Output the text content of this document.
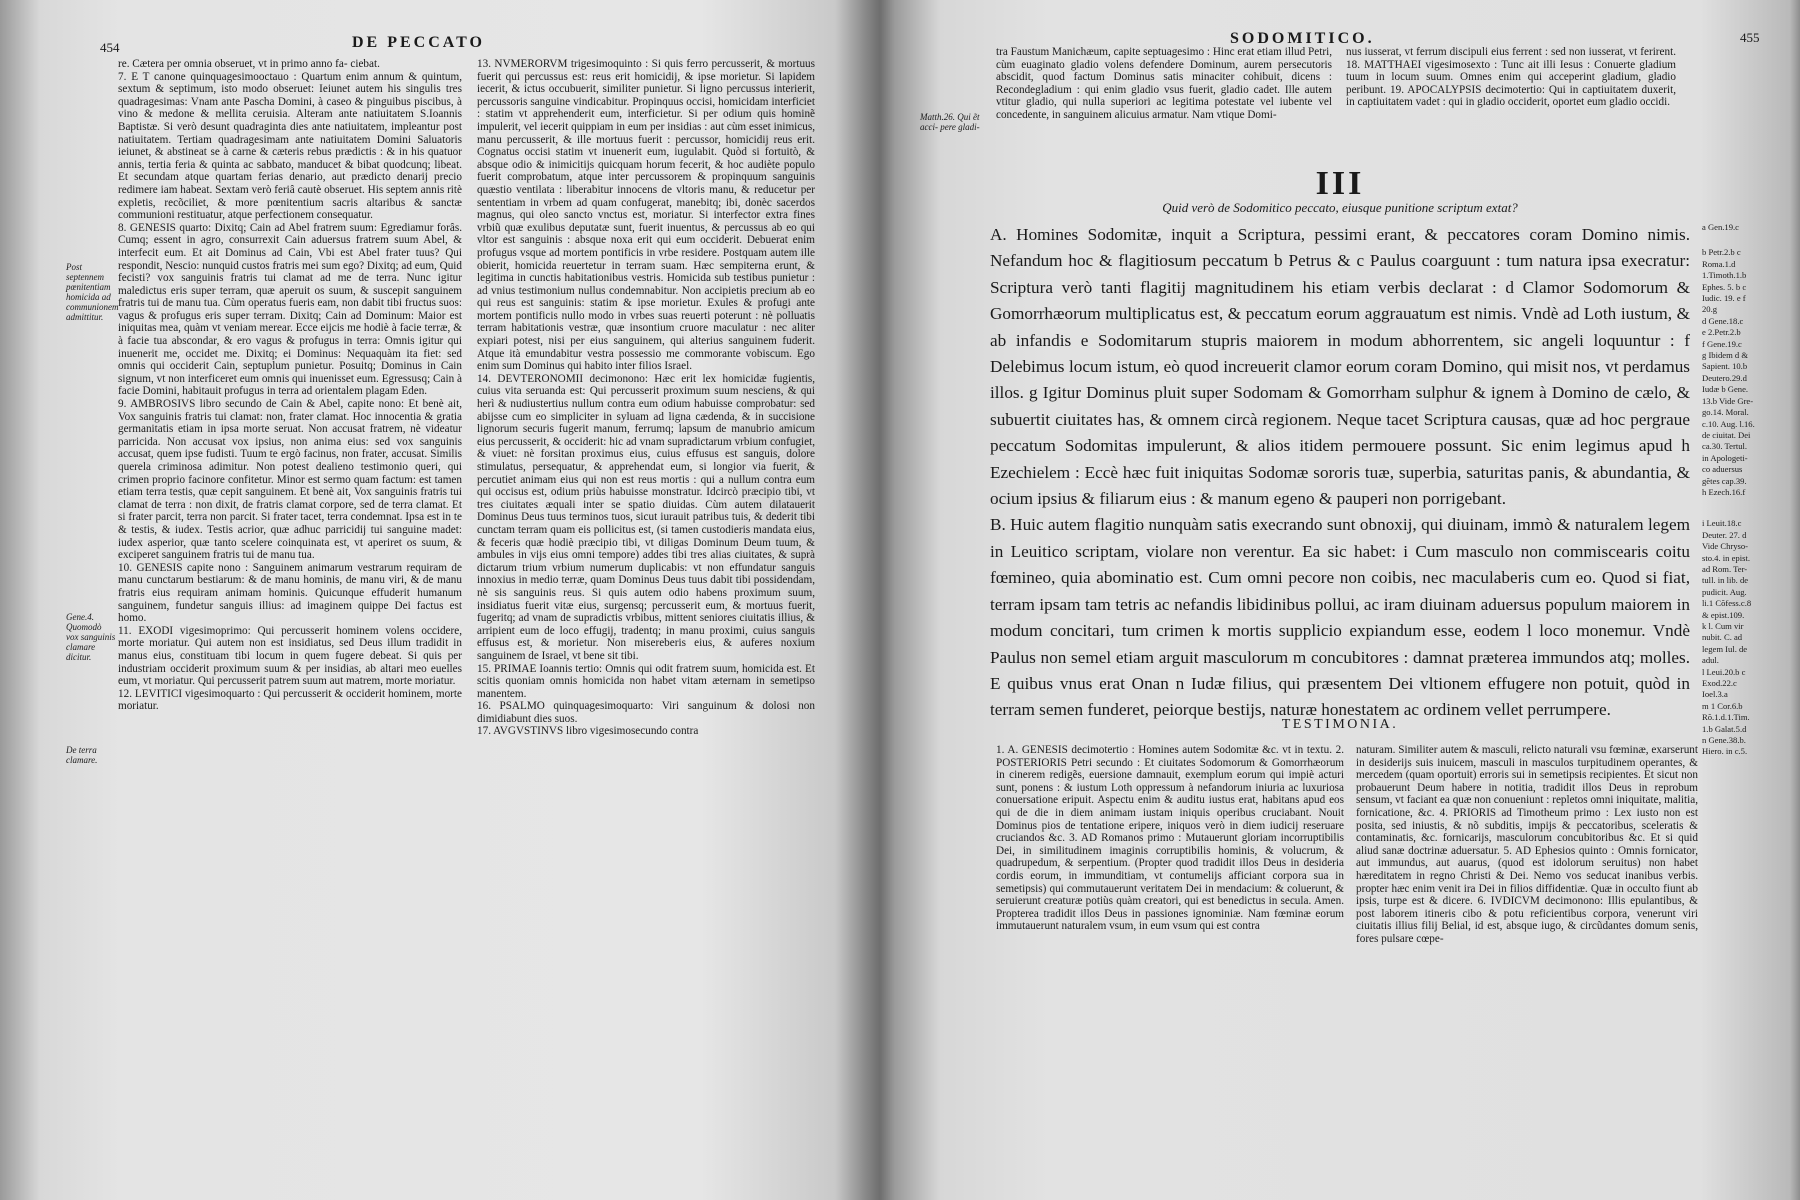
454	DE PECCATO

re. Cætera per omnia obseruet, vt in primo anno fa- ciebat.

7. E T canone quinquagesimooctauo : Quartum enim annum & quintum, sextum & septimum, isto modo obseruet: Ieiunet autem his singulis tres quadragesimas: Vnam ante Pascha Domini, à caseo & pinguibus piscibus, à vino & medone & mellita ceruisia. Alteram ante natiuitatem S.Ioannis Baptistæ. Si verò desunt quadraginta dies ante natiuitatem, impleantur post natiuitatem. Tertiam quadragesimam ante natiuitatem Domini Saluatoris ieiunet, & abstineat se à carne & cæteris rebus prædictis : & in his quatuor annis, tertia feria & quinta ac sabbato, manducet & bibat quodcunq; libeat. Et secundam atque quartam ferias denario, aut prædicto denarij precio redimere iam habeat. Sextam verò feriâ cautè obseruet. His septem annis ritè expletis, recõciliet, & more pœnitentium sacris altaribus & sanctæ communioni restituatur, atque perfectionem consequatur.

8. GENESIS quarto: Dixitq; Cain ad Abel fratrem suum: Egrediamur forâs. Cumq; essent in agro, consurrexit Cain aduersus fratrem suum Abel, & interfecit eum. Et ait Dominus ad Cain, Vbi est Abel frater tuus? Qui respondit, Nescio: nunquid custos fratris mei sum ego? Dixitq; ad eum, Quid fecisti? vox sanguinis fratris tui clamat ad me de terra. Nunc igitur maledictus eris super terram, quæ aperuit os suum, & suscepit sanguinem fratris tui de manu tua. Cùm operatus fueris eam, non dabit tibi fructus suos: vagus & profugus eris super terram. Dixitq; Cain ad Dominum: Maior est iniquitas mea, quàm vt veniam merear. Ecce eijcis me hodiè à facie terræ, & à facie tua abscondar, & ero vagus & profugus in terra: Omnis igitur qui inuenerit me, occidet me. Dixitq; ei Dominus: Nequaquàm ita fiet: sed omnis qui occiderit Cain, septuplum punietur. Posuitq; Dominus in Cain signum, vt non interficeret eum omnis qui inuenisset eum. Egressusq; Cain à facie Domini, habitauit profugus in terra ad orientalem plagam Eden.

9. AMBROSIVS libro secundo de Cain & Abel, capite nono: Et benè ait, Vox sanguinis fratris tui clamat: non, frater clamat. Hoc innocentia & gratia germanitatis etiam in ipsa morte seruat. Non accusat fratrem, nè videatur parricida. Non accusat vox ipsius, non anima eius: sed vox sanguinis accusat, quem ipse fudisti. Tuum te ergò facinus, non frater, accusat. Similis querela criminosa adimitur. Non potest dealieno testimonio queri, qui crimen proprio facinore confitetur. Minor est sermo quam factum: est tamen etiam terra testis, quæ cepit sanguinem. Et benè ait, Vox sanguinis fratris tui clamat de terra : non dixit, de fratris clamat corpore, sed de terra clamat. Et si frater parcit, terra non parcit. Si frater tacet, terra condemnat. Ipsa est in te & testis, & iudex. Testis acrior, quæ adhuc parricidij tui sanguine madet: iudex asperior, quæ tanto scelere coinquinata est, vt aperiret os suum, & exciperet sanguinem fratris tui de manu tua.

10. GENESIS capite nono : Sanguinem animarum vestrarum requiram de manu cunctarum bestiarum: & de manu hominis, de manu viri, & de manu fratris eius requiram animam hominis. Quicunque effuderit humanum sanguinem, fundetur sanguis illius: ad imaginem quippe Dei factus est homo.

11. EXODI vigesimoprimo: Qui percusserit hominem volens occidere, morte moriatur. Qui autem non est insidiatus, sed Deus illum tradidit in manus eius, constituam tibi locum in quem fugere debeat. Si quis per industriam occiderit proximum suum & per insidias, ab altari meo euelles eum, vt moriatur. Qui percusserit patrem suum aut matrem, morte moriatur.

12. LEVITICI vigesimoquarto : Qui percusserit & occiderit hominem, morte moriatur.

13. NVMERORVM trigesimoquinto : Si quis ferro percusserit, & mortuus fuerit qui percussus est: reus erit homicidij, & ipse morietur. Si lapidem iecerit, & ictus occubuerit, similiter punietur. Si ligno percussus interierit, percussoris sanguine vindicabitur. Propinquus occisi, homicidam interficiet : statim vt apprehenderit eum, interficietur. Si per odium quis hominẽ impulerit, vel iecerit quippiam in eum per insidias : aut cùm esset inimicus, manu percusserit, & ille mortuus fuerit : percussor, homicidij reus erit. Cognatus occisi statim vt inuenerit eum, iugulabit. Quòd si fortuitò, & absque odio & inimicitijs quicquam horum fecerit, & hoc audiète populo fuerit comprobatum, atque inter percussorem & propinquum sanguinis quæstio ventilata : liberabitur innocens de vltoris manu, & reducetur per sententiam in vrbem ad quam confugerat, manebitq; ibi, donèc sacerdos magnus, qui oleo sancto vnctus est, moriatur. Si interfector extra fines vrbiũ quæ exulibus deputatæ sunt, fuerit inuentus, & percussus ab eo qui vltor est sanguinis : absque noxa erit qui eum occiderit. Debuerat enim profugus vsque ad mortem pontificis in vrbe residere. Postquam autem ille obierit, homicida reuertetur in terram suam. Hæc sempiterna erunt, & legitima in cunctis habitationibus vestris. Homicida sub testibus punietur : ad vnius testimonium nullus condemnabitur. Non accipietis precium ab eo qui reus est sanguinis: statim & ipse morietur. Exules & profugi ante mortem pontificis nullo modo in vrbes suas reuerti poterunt : nè polluatis terram habitationis vestræ, quæ insontium cruore maculatur : nec aliter expiari potest, nisi per eius sanguinem, qui alterius sanguinem fuderit. Atque ità emundabitur vestra possessio me commorante vobiscum. Ego enim sum Dominus qui habito inter filios Israel.

14. DEVTERONOMII decimonono: Hæc erit lex homicidæ fugientis, cuius vita seruanda est: Qui percusserit proximum suum nesciens, & qui herì & nudiustertius nullum contra eum odium habuisse comprobatur: sed abijsse cum eo simpliciter in syluam ad ligna cædenda, & in succisione lignorum securis fugerit manum, ferrumq; lapsum de manubrio amicum eius percusserit, & occiderit: hic ad vnam supradictarum vrbium confugiet, & viuet: nè forsitan proximus eius, cuius effusus est sanguis, dolore stimulatus, persequatur, & apprehendat eum, si longior via fuerit, & percutiet animam eius qui non est reus mortis : qui a nullum contra eum qui occisus est, odium priùs habuisse monstratur. Idcircò præcipio tibi, vt tres ciuitates æquali inter se spatio diuidas. Cùm autem dilatauerit Dominus Deus tuus terminos tuos, sicut iurauit patribus tuis, & dederit tibi cunctam terram quam eis pollicitus est, (si tamen custodieris mandata eius, & feceris quæ hodiè præcipio tibi, vt diligas Dominum Deum tuum, & ambules in vijs eius omni tempore) addes tibi tres alias ciuitates, & suprà dictarum trium vrbium numerum duplicabis: vt non effundatur sanguis innoxius in medio terræ, quam Dominus Deus tuus dabit tibi possidendam, nè sis sanguinis reus. Si quis autem odio habens proximum suum, insidiatus fuerit vitæ eius, surgensq; percusserit eum, & mortuus fuerit, fugeritq; ad vnam de supradictis vrbibus, mittent seniores ciuitatis illius, & arripient eum de loco effugij, tradentq; in manu proximi, cuius sanguis effusus est, & morietur. Non misereberis eius, & auferes noxium sanguinem de Israel, vt bene sit tibi.

15. PRIMAE Ioannis tertio: Omnis qui odit fratrem suum, homicida est. Et scitis quoniam omnis homicida non habet vitam æternam in semetipso manentem.

16. PSALMO quinquagesimoquarto: Viri sanguinum & dolosi non dimidiabunt dies suos.

17. AVGVSTINVS libro vigesimosecundo contra

Post septennem pœnitentiam homicida ad communionem admittitur.
Gene.4. Quomodò vox sanguinis clamare dicitur.
De terra clamare.
SODOMITICO.	455

tra Faustum Manichæum, capite septuagesimo : Hinc erat etiam illud Petri, cùm euaginato gladio volens defendere Dominum, aurem persecutoris abscidit, quod factum Dominus satis minaciter cohibuit, dicens : Recondegladium : qui enim gladio vsus fuerit, gladio cadet. Ille autem vtitur gladio, qui nulla superiori ac legitima potestate vel iubente vel concedente, in sanguinem alicuius armatur. Nam vtique Domi-

nus iusserat, vt ferrum discipuli eius ferrent : sed non iusserat, vt ferirent. 18. MATTHAEI vigesimosexto : Tunc ait illi Iesus : Conuerte gladium tuum in locum suum. Omnes enim qui acceperint gladium, gladio peribunt. 19. APOCALYPSIS decimotertio: Qui in captiuitatem duxerit, in captiuitatem vadet : qui in gladio occiderit, oportet eum gladio occidi.

Matth.26. Qui ẽt acci- pere gladi-
III
Quid verò de Sodomitico peccato, eiusque punitione scriptum extat?

A. Homines Sodomitæ, inquit a Scriptura, pessimi erant, & peccatores coram Domino nimis. Nefandum hoc & flagitiosum peccatum b Petrus & c Paulus coarguunt : tum natura ipsa execratur: Scriptura verò tanti flagitij magnitudinem his etiam verbis declarat : d Clamor Sodomorum & Gomorrhæorum multiplicatus est, & peccatum eorum aggrauatum est nimis. Vndè ad Loth iustum, & ab infandis e Sodomitarum stupris maiorem in modum abhorrentem, sic angeli loquuntur : f Delebimus locum istum, eò quod increuerit clamor eorum coram Domino, qui misit nos, vt perdamus illos. g Igitur Dominus pluit super Sodomam & Gomorrham sulphur & ignem à Domino de cælo, & subuertit ciuitates has, & omnem circà regionem. Neque tacet Scriptura causas, quæ ad hoc pergraue peccatum Sodomitas impulerunt, & alios itidem permouere possunt. Sic enim legimus apud h Ezechielem : Eccè hæc fuit iniquitas Sodomæ sororis tuæ, superbia, saturitas panis, & abundantia, & ocium ipsius & filiarum eius : & manum egeno & pauperi non porrigebant.

B. Huic autem flagitio nunquàm satis execrando sunt obnoxij, qui diuinam, immò & naturalem legem in Leuitico scriptam, violare non verentur. Ea sic habet: i Cum masculo non commiscearis coitu fœmineo, quia abominatio est. Cum omni pecore non coibis, nec maculaberis cum eo. Quod si fiat, terram ipsam tam tetris ac nefandis libidinibus pollui, ac iram diuinam aduersus populum maiorem in modum concitari, tum crimen k mortis supplicio expiandum esse, eodem l loco monemur. Vndè Paulus non semel etiam arguit masculorum m concubitores : damnat præterea immundos atq; molles. E quibus vnus erat Onan n Iudæ filius, qui præsentem Dei vltionem effugere non potuit, quòd in terram semen funderet, peiorque bestijs, naturæ honestatem ac ordinem vellet perrumpere.

a Gen.19.c
b Petr.2.b c
Roma.1.d
1.Timoth.1.b
Ephes. 5. b c
Iudic. 19. e f
20.g
d Gene.18.c
e 2.Petr.2.b
f Gene.19.c
g Ibidem d &
Sapient. 10.b
Deutero.29.d
Iudæ b Gene.
13.b Vide Gre-
go.14. Moral.
c.10. Aug. l.16.
de ciuitat. Dei
ca.30. Tertul.
in Apologeti-
co aduersus
gẽtes cap.39.
h Ezech.16.f
i Leuit.18.c
Deuter. 27. d
Vide Chryso-
sto.4. in epist.
ad Rom. Ter-
tull. in lib. de
pudicit. Aug.
li.1 Cõfess.c.8
& epist.109.
k l. Cum vir
nubit. C. ad
legem Iul. de
adul.
l Leui.20.b c
Exod.22.c
Ioel.3.a
m 1 Cor.6.b
Rõ.1.d.1.Tim.
1.b Galat.5.d
n Gene.38.b.
Hiero. in c.5.
TESTIMONIA.

1. A. GENESIS decimotertio : Homines autem Sodomitæ &c. vt in textu. 2. POSTERIORIS Petri secundo : Et ciuitates Sodomorum & Gomorrhæorum in cinerem redigẽs, euersione damnauit, exemplum eorum qui impiè acturi sunt, ponens : & iustum Loth oppressum à nefandorum iniuria ac luxuriosa conuersatione eripuit. Aspectu enim & auditu iustus erat, habitans apud eos qui de die in diem animam iustam iniquis operibus cruciabant. Nouit Dominus pios de tentatione eripere, iniquos verò in diem iudicij reseruare cruciandos &c. 3. AD Romanos primo : Mutauerunt gloriam incorruptibilis Dei, in similitudinem imaginis corruptibilis hominis, & volucrum, & quadrupedum, & serpentium. (Propter quod tradidit illos Deus in desideria cordis eorum, in immunditiam, vt contumelijs afficiant corpora sua in semetipsis) qui commutauerunt veritatem Dei in mendacium: & coluerunt, & seruierunt creaturæ potiùs quàm creatori, qui est benedictus in secula. Amen. Propterea tradidit illos Deus in passiones ignominiæ. Nam fœminæ eorum immutauerunt naturalem vsum, in eum vsum qui est contra

naturam. Similiter autem & masculi, relicto naturali vsu fœminæ, exarserunt in desiderijs suis inuicem, masculi in masculos turpitudinem operantes, & mercedem (quam oportuit) erroris sui in semetipsis recipientes. Et sicut non probauerunt Deum habere in notitia, tradidit illos Deus in reprobum sensum, vt faciant ea quæ non conueniunt : repletos omni iniquitate, malitia, fornicatione, &c. 4. PRIORIS ad Timotheum primo : Lex iusto non est posita, sed iniustis, & nõ subditis, impijs & peccatoribus, sceleratis & contaminatis, &c. fornicarijs, masculorum concubitoribus &c. Et si quid aliud sanæ doctrinæ aduersatur. 5. AD Ephesios quinto : Omnis fornicator, aut immundus, aut auarus, (quod est idolorum seruitus) non habet hæreditatem in regno Christi & Dei. Nemo vos seducat inanibus verbis. propter hæc enim venit ira Dei in filios diffidentiæ. Quæ in occulto fiunt ab ipsis, turpe est & dicere. 6. IVDICVM decimonono: Illis epulantibus, & post laborem itineris cibo & potu reficientibus corpora, venerunt viri ciuitatis illius filij Belial, id est, absque iugo, & circũdantes domum senis, fores pulsare cœpe-
